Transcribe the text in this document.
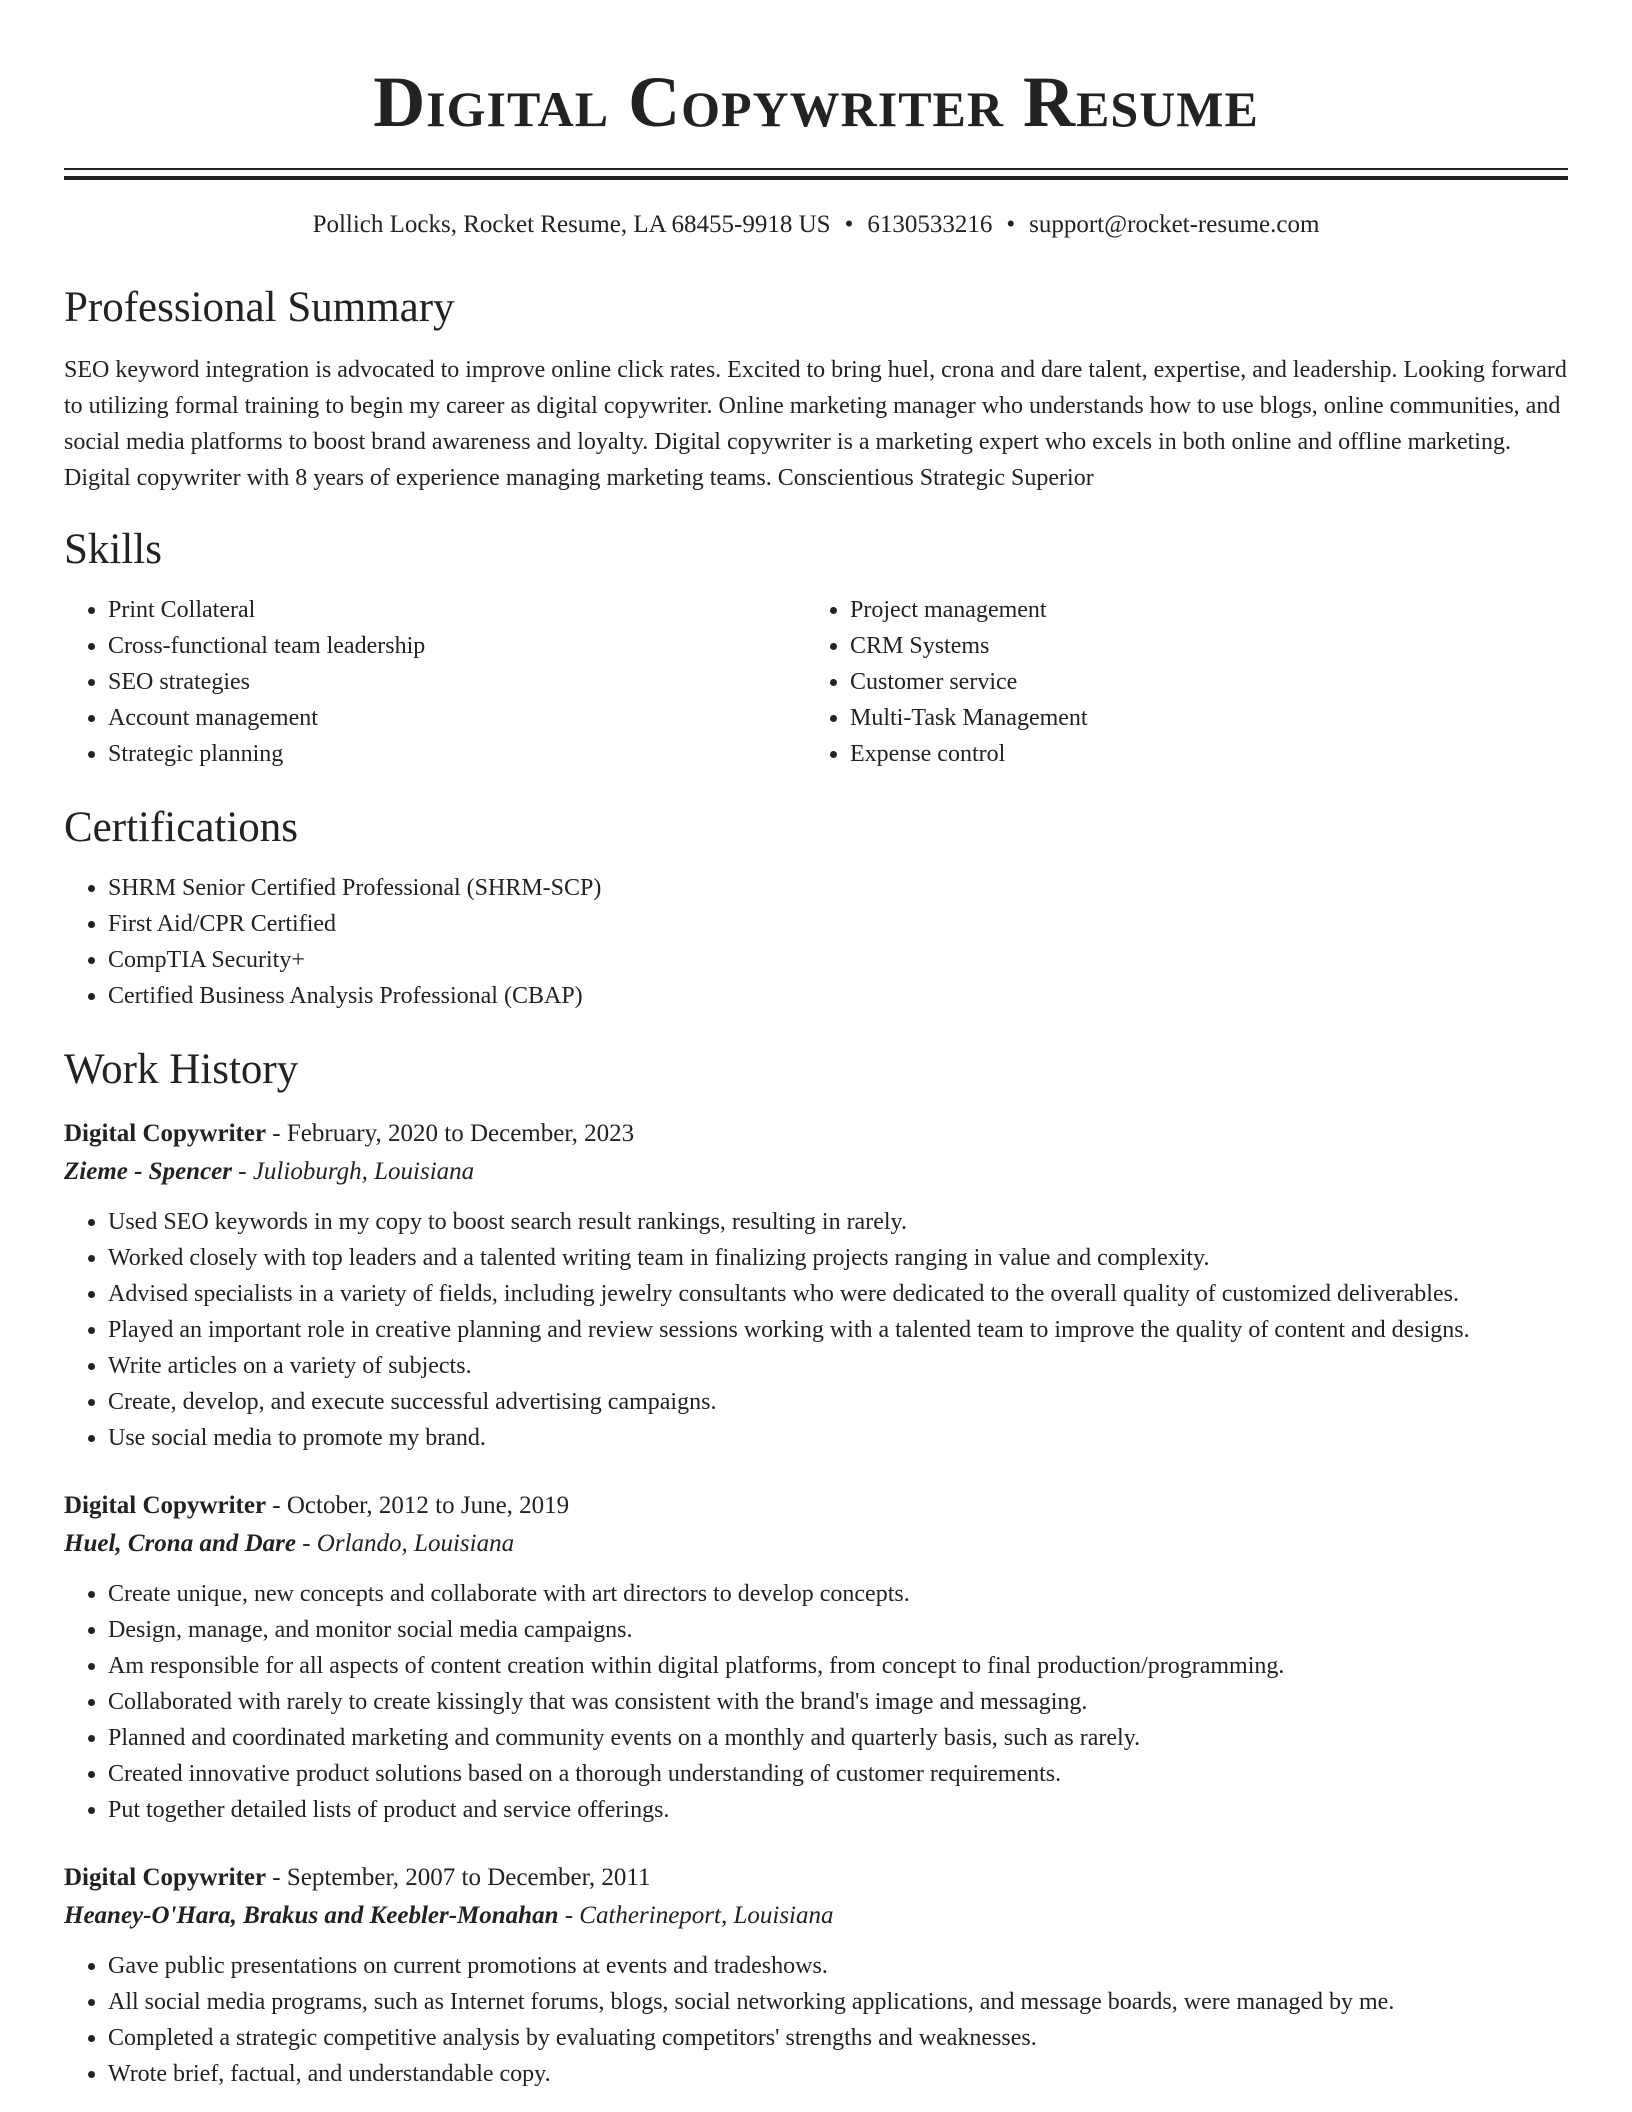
Digital Copywriter Resume
Pollich Locks, Rocket Resume, LA 68455-9918 US • 6130533216 • support@rocket-resume.com
Professional Summary

SEO keyword integration is advocated to improve online click rates. Excited to bring huel, crona and dare talent, expertise, and leadership. Looking forward to utilizing formal training to begin my career as digital copywriter. Online marketing manager who understands how to use blogs, online communities, and social media platforms to boost brand awareness and loyalty. Digital copywriter is a marketing expert who excels in both online and offline marketing. Digital copywriter with 8 years of experience managing marketing teams. Conscientious Strategic Superior

Skills
• Print Collateral
• Cross-functional team leadership
• SEO strategies
• Account management
• Strategic planning
• Project management
• CRM Systems
• Customer service
• Multi-Task Management
• Expense control
Certifications
• SHRM Senior Certified Professional (SHRM-SCP)
• First Aid/CPR Certified
• CompTIA Security+
• Certified Business Analysis Professional (CBAP)
Work History
Digital Copywriter - February, 2020 to December, 2023
Zieme - Spencer - Julioburgh, Louisiana
• Used SEO keywords in my copy to boost search result rankings, resulting in rarely.
• Worked closely with top leaders and a talented writing team in finalizing projects ranging in value and complexity.
• Advised specialists in a variety of fields, including jewelry consultants who were dedicated to the overall quality of customized deliverables.
• Played an important role in creative planning and review sessions working with a talented team to improve the quality of content and designs.
• Write articles on a variety of subjects.
• Create, develop, and execute successful advertising campaigns.
• Use social media to promote my brand.
Digital Copywriter - October, 2012 to June, 2019
Huel, Crona and Dare - Orlando, Louisiana
• Create unique, new concepts and collaborate with art directors to develop concepts.
• Design, manage, and monitor social media campaigns.
• Am responsible for all aspects of content creation within digital platforms, from concept to final production/programming.
• Collaborated with rarely to create kissingly that was consistent with the brand's image and messaging.
• Planned and coordinated marketing and community events on a monthly and quarterly basis, such as rarely.
• Created innovative product solutions based on a thorough understanding of customer requirements.
• Put together detailed lists of product and service offerings.
Digital Copywriter - September, 2007 to December, 2011
Heaney-O'Hara, Brakus and Keebler-Monahan - Catherineport, Louisiana
• Gave public presentations on current promotions at events and tradeshows.
• All social media programs, such as Internet forums, blogs, social networking applications, and message boards, were managed by me.
• Completed a strategic competitive analysis by evaluating competitors' strengths and weaknesses.
• Wrote brief, factual, and understandable copy.
